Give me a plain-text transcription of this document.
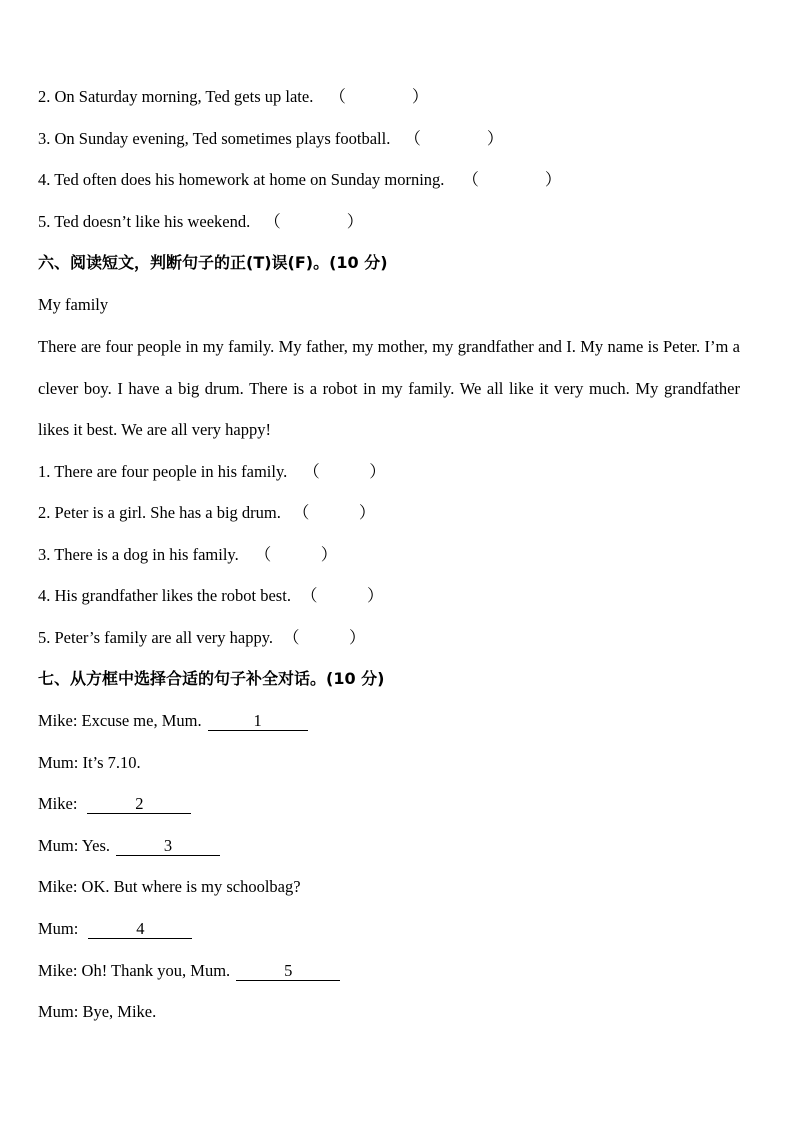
2. On Saturday morning, Ted gets up late. （　　　　）
3. On Sunday evening, Ted sometimes plays football. （　　　　）
4. Ted often does his homework at home on Sunday morning. （　　　　）
5. Ted doesn’t like his weekend. （　　　　）
六、阅读短文，判断句子的正(T)误(F)。(10 分)
My family
There are four people in my family. My father, my mother, my grandfather and I. My name is Peter. I’m a clever boy. I have a big drum. There is a robot in my family. We all like it very much. My grandfather likes it best. We are all very happy!
1. There are four people in his family. （　　　）
2. Peter is a girl. She has a big drum. （　　　）
3. There is a dog in his family. （　　　）
4. His grandfather likes the robot best. （　　　）
5. Peter’s family are all very happy. （　　　）
七、从方框中选择合适的句子补全对话。(10 分)
Mike: Excuse me, Mum.	1
Mum: It’s 7.10.
Mike:	2
Mum: Yes.	3
Mike: OK. But where is my schoolbag?
Mum:	4
Mike: Oh! Thank you, Mum.	5
Mum: Bye, Mike.
